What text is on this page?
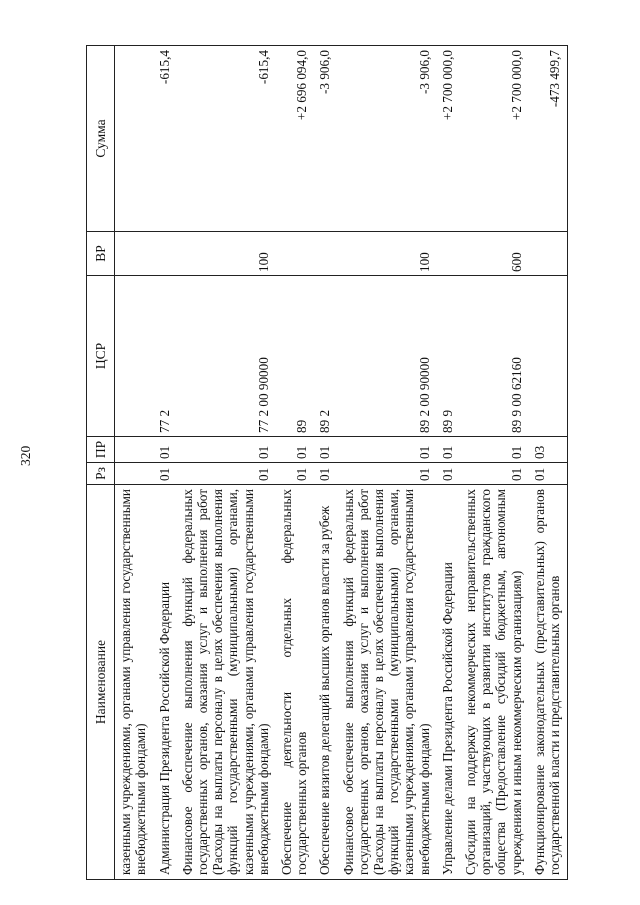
320
Наименование	Рз	ПР	ЦСР	ВР	Сумма
казенными учреждениями, органами управления государственными внебюджетными фондами)					
Администрация Президента Российской Федерации	01	01	77 2		-615,4
Финансовое обеспечение выполнения функций федеральных государственных органов, оказания услуг и выполнения работ (Расходы на выплаты персоналу в целях обеспечения выполнения функций государственными (муниципальными) органами, казенными учреждениями, органами управления государственными внебюджетными фондами)	01	01	77 2 00 90000	100	-615,4
Обеспечение деятельности отдельных федеральных государственных органов	01	01	89		+2 696 094,0
Обеспечение визитов делегаций высших органов власти за рубеж	01	01	89 2		-3 906,0
Финансовое обеспечение выполнения функций федеральных государственных органов, оказания услуг и выполнения работ (Расходы на выплаты персоналу в целях обеспечения выполнения функций государственными (муниципальными) органами, казенными учреждениями, органами управления государственными внебюджетными фондами)	01	01	89 2 00 90000	100	-3 906,0
Управление делами Президента Российской Федерации	01	01	89 9		+2 700 000,0
Субсидии на поддержку некоммерческих неправительственных организаций, участвующих в развитии институтов гражданского общества (Предоставление субсидий бюджетным, автономным учреждениям и иным некоммерческим организациям)	01	01	89 9 00 62160	600	+2 700 000,0
Функционирование законодательных (представительных) органов государственной власти и представительных органов	01	03			-473 499,7
